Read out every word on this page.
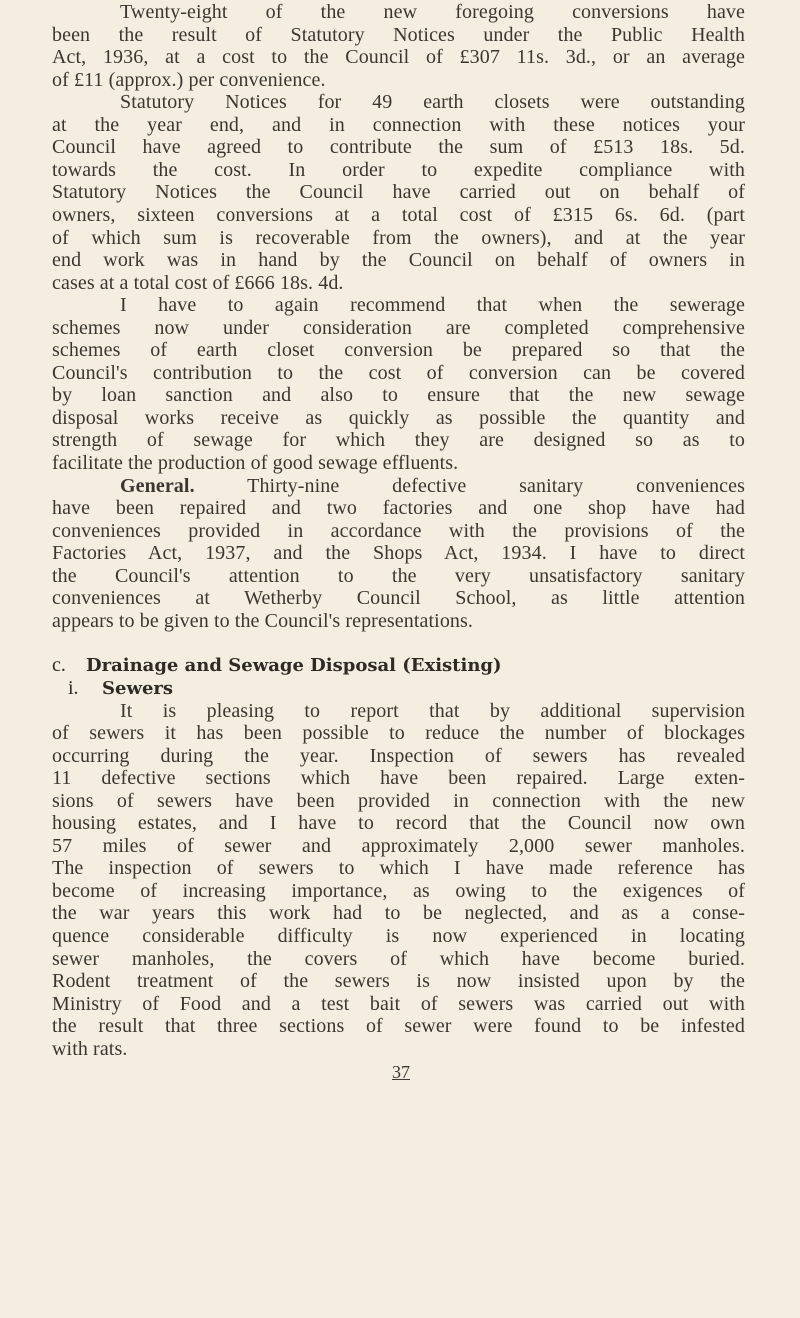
37
Twenty-eight of the new foregoing conversions have
been the result of Statutory Notices under the Public Health
Act, 1936, at a cost to the Council of £307 11s. 3d., or an average
of £11 (approx.) per convenience.
Statutory Notices for 49 earth closets were outstanding
at the year end, and in connection with these notices your
Council have agreed to contribute the sum of £513 18s. 5d.
towards the cost. In order to expedite compliance with
Statutory Notices the Council have carried out on behalf of
owners, sixteen conversions at a total cost of £315 6s. 6d. (part
of which sum is recoverable from the owners), and at the year
end work was in hand by the Council on behalf of owners in
cases at a total cost of £666 18s. 4d.
I have to again recommend that when the sewerage
schemes now under consideration are completed comprehensive
schemes of earth closet conversion be prepared so that the
Council's contribution to the cost of conversion can be covered
by loan sanction and also to ensure that the new sewage
disposal works receive as quickly as possible the quantity and
strength of sewage for which they are designed so as to
facilitate the production of good sewage effluents.
General.	Thirty-nine defective sanitary conveniences
have been repaired and two factories and one shop have had
conveniences provided in accordance with the provisions of the
Factories Act, 1937, and the Shops Act, 1934. I have to direct
the Council's attention to the very unsatisfactory sanitary
conveniences at Wetherby Council School, as little attention
appears to be given to the Council's representations.
c. Drainage and Sewage Disposal (Existing)
i. Sewers
It is pleasing to report that by additional supervision
of sewers it has been possible to reduce the number of blockages
occurring during the year. Inspection of sewers has revealed
11 defective sections which have been repaired. Large exten-
sions of sewers have been provided in connection with the new
housing estates, and I have to record that the Council now own
57 miles of sewer and approximately 2,000 sewer manholes.
The inspection of sewers to which I have made reference has
become of increasing importance, as owing to the exigences of
the war years this work had to be neglected, and as a conse-
quence considerable difficulty is now experienced in locating
sewer manholes, the covers of which have become buried.
Rodent treatment of the sewers is now insisted upon by the
Ministry of Food and a test bait of sewers was carried out with
the result that three sections of sewer were found to be infested
with rats.
